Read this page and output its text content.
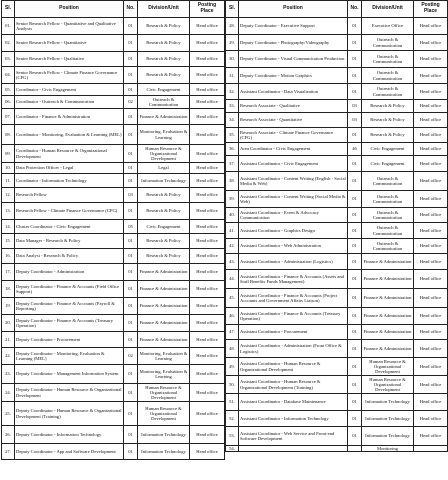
Sl.	Position	No.	Division/Unit	Posting Place
01.	Senior Research Fellow - Quantitative and Qualitative Analysis	01	Research & Policy	Head office
02.	Senior Research Fellow - Quantitative	01	Research & Policy	Head office
03.	Senior Research Fellow - Qualitative	01	Research & Policy	Head office
04.	Senior Research Fellow - Climate Finance Governance (CFG)	01	Research & Policy	Head office
05.	Coordinator - Civic Engagement	01	Civic Engagement	Head office
06.	Coordinator - Outreach & Communication	02	Outreach & Communication	Head office
07.	Coordinator - Finance & Administration	01	Finance & Administration	Head office
08.	Coordinator - Monitoring, Evaluation & Learning (MEL)	01	Monitoring, Evaluation & Learning	Head office
09.	Coordinator - Human Resource & Organizational Development	01	Human Resource & Organizational Development	Head office
10.	Data Protection Officer - Legal	01	Legal	Head office
11.	Coordinator - Information Technology	01	Information Technology	Head office
12.	Research Fellow	03	Research & Policy	Head office
13.	Research Fellow - Climate Finance Governance (CFG)	01	Research & Policy	Head office
14.	Cluster Coordinator - Civic Engagement	05	Civic Engagement	Head office
15.	Data Manager - Research & Policy	01	Research & Policy	Head office
16.	Data Analyst - Research & Policy	01	Research & Policy	Head office
17.	Deputy Coordinator - Administration	01	Finance & Administration	Head office
18.	Deputy Coordinator - Finance & Accounts (Field Office Support)	01	Finance & Administration	Head office
19.	Deputy Coordinator - Finance & Accounts (Payroll & Reporting)	01	Finance & Administration	Head office
20.	Deputy Coordinator - Finance & Accounts (Treasury Operation)	01	Finance & Administration	Head office
21.	Deputy Coordinator - Procurement	01	Finance & Administration	Head office
22.	Deputy Coordinator - Monitoring, Evaluation & Learning (MEL)	02	Monitoring, Evaluation & Learning	Head office
23.	Deputy Coordinator - Management Information System	01	Monitoring, Evaluation & Learning	Head office
24.	Deputy Coordinator - Human Resource & Organizational Development	01	Human Resource & Organizational Development	Head office
25.	Deputy Coordinator - Human Resource & Organizational Development (Training)	01	Human Resource & Organizational Development	Head office
26.	Deputy Coordinator - Information Technology	01	Information Technology	Head office
27.	Deputy Coordinator - App and Software Development	01	Information Technology	Head office
Sl.	Position	No.	Division/Unit	Posting Place
28.	Deputy Coordinator - Executive Support	01	Executive Office	Head office
29.	Deputy Coordinator - Photography/Videography	01	Outreach & Communication	Head office
30.	Deputy Coordinator - Visual Communication Production	01	Outreach & Communication	Head office
31.	Deputy Coordinator - Motion Graphics	01	Outreach & Communication	Head office
32.	Assistant Coordinator - Data Visualization	01	Outreach & Communication	Head office
33.	Research Associate - Qualitative	03	Research & Policy	Head office
34.	Research Associate - Quantitative	03	Research & Policy	Head office
35.	Research Associate - Climate Finance Governance (CFG)	01	Research & Policy	Head office
36.	Area Coordinator - Civic Engagement	46	Civic Engagement	Head office
37.	Assistant Coordinator - Civic Engagement	01	Civic Engagement	Head office
38.	Assistant Coordinator - Content Writing (English - Social Media & Web)	01	Outreach & Communication	Head office
39.	Assistant Coordinator - Content Writing (Social Media & Web)	01	Outreach & Communication	Head office
40.	Assistant Coordinator - Event & Advocacy Communication	01	Outreach & Communication	Head office
41.	Assistant Coordinator - Graphics Design	01	Outreach & Communication	Head office
42.	Assistant Coordinator - Web Administration	01	Outreach & Communication	Head office
43.	Assistant Coordinator - Administration (Logistics)	01	Finance & Administration	Head office
44.	Assistant Coordinator - Finance & Accounts (Assets and Staff Benefits Funds Management)	01	Finance & Administration	Head office
45.	Assistant Coordinator - Finance & Accounts (Project Accounts and Government Affairs Liaison)	01	Finance & Administration	Head office
46.	Assistant Coordinator - Finance & Accounts (Treasury Operation)	01	Finance & Administration	Head office
47.	Assistant Coordinator - Procurement	01	Finance & Administration	Head office
48.	Assistant Coordinator - Administration (Front Office & Logistics)	01	Finance & Administration	Head office
49.	Assistant Coordinator - Human Resource & Organizational Development	01	Human Resource & Organizational Development	Head office
50.	Assistant Coordinator - Human Resource & Organizational Development (Training)	01	Human Resource & Organizational Development	Head office
51.	Assistant Coordinator - Database Maintenance	01	Information Technology	Head office
52.	Assistant Coordinator - Information Technology	01	Information Technology	Head office
53.	Assistant Coordinator - Web Service and Front-end Software Development	01	Information Technology	Head office
54.			Monitoring	
